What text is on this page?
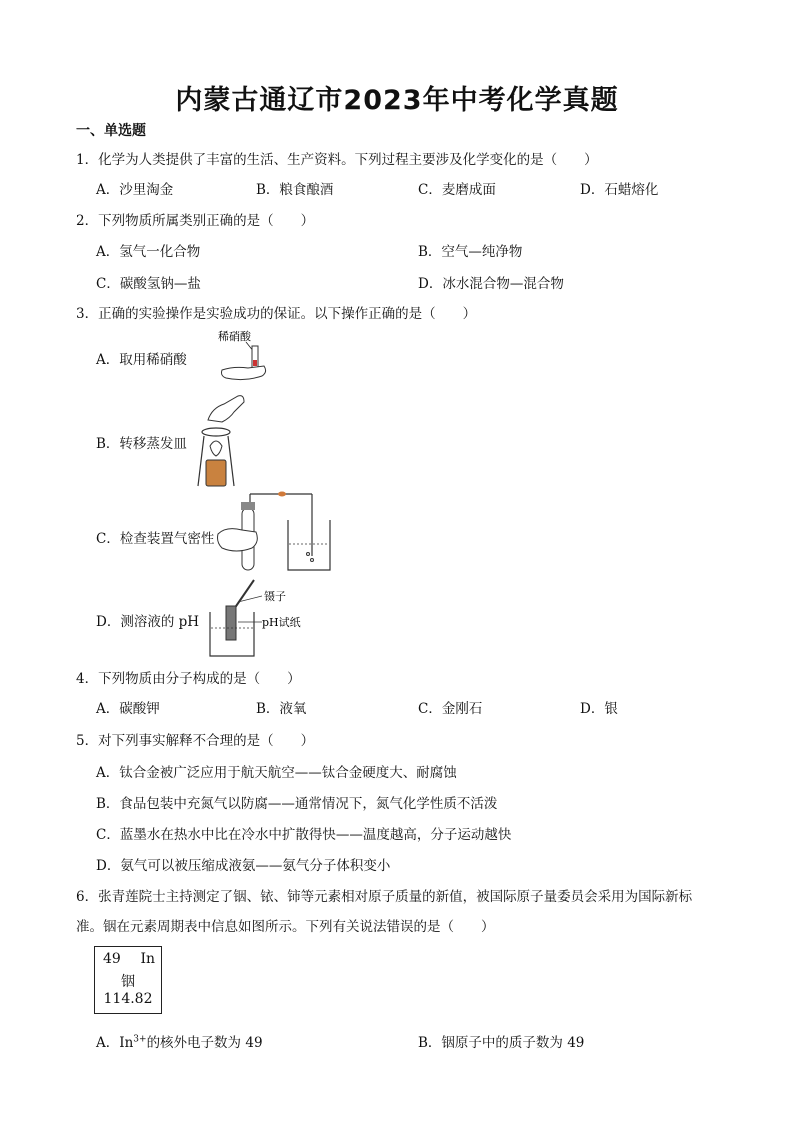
内蒙古通辽市2023年中考化学真题
一、单选题
1．化学为人类提供了丰富的生活、生产资料。下列过程主要涉及化学变化的是（　　）
A．沙里淘金	B．粮食酿酒	C．麦磨成面	D．石蜡熔化
2．下列物质所属类别正确的是（　　）
A．氢气一化合物	B．空气—纯净物
C．碳酸氢钠—盐	D．冰水混合物—混合物
3．正确的实验操作是实验成功的保证。以下操作正确的是（　　）
A．取用稀硝酸
稀硝酸
B．转移蒸发皿
C．检查装置气密性
D．测溶液的 pH
镊子
pH试纸
4．下列物质由分子构成的是（　　）
A．碳酸钾	B．液氧	C．金刚石	D．银
5．对下列事实解释不合理的是（　　）
A．钛合金被广泛应用于航天航空——钛合金硬度大、耐腐蚀
B．食品包装中充氮气以防腐——通常情况下，氮气化学性质不活泼
C．蓝墨水在热水中比在冷水中扩散得快——温度越高，分子运动越快
D．氨气可以被压缩成液氨——氨气分子体积变小
6．张青莲院士主持测定了铟、铱、铈等元素相对原子质量的新值，被国际原子量委员会采用为国际新标
准。铟在元素周期表中信息如图所示。下列有关说法错误的是（　　）
49 In
铟
114.82
A．$In^{3+}$的核外电子数为 49	B．铟原子中的质子数为 49
